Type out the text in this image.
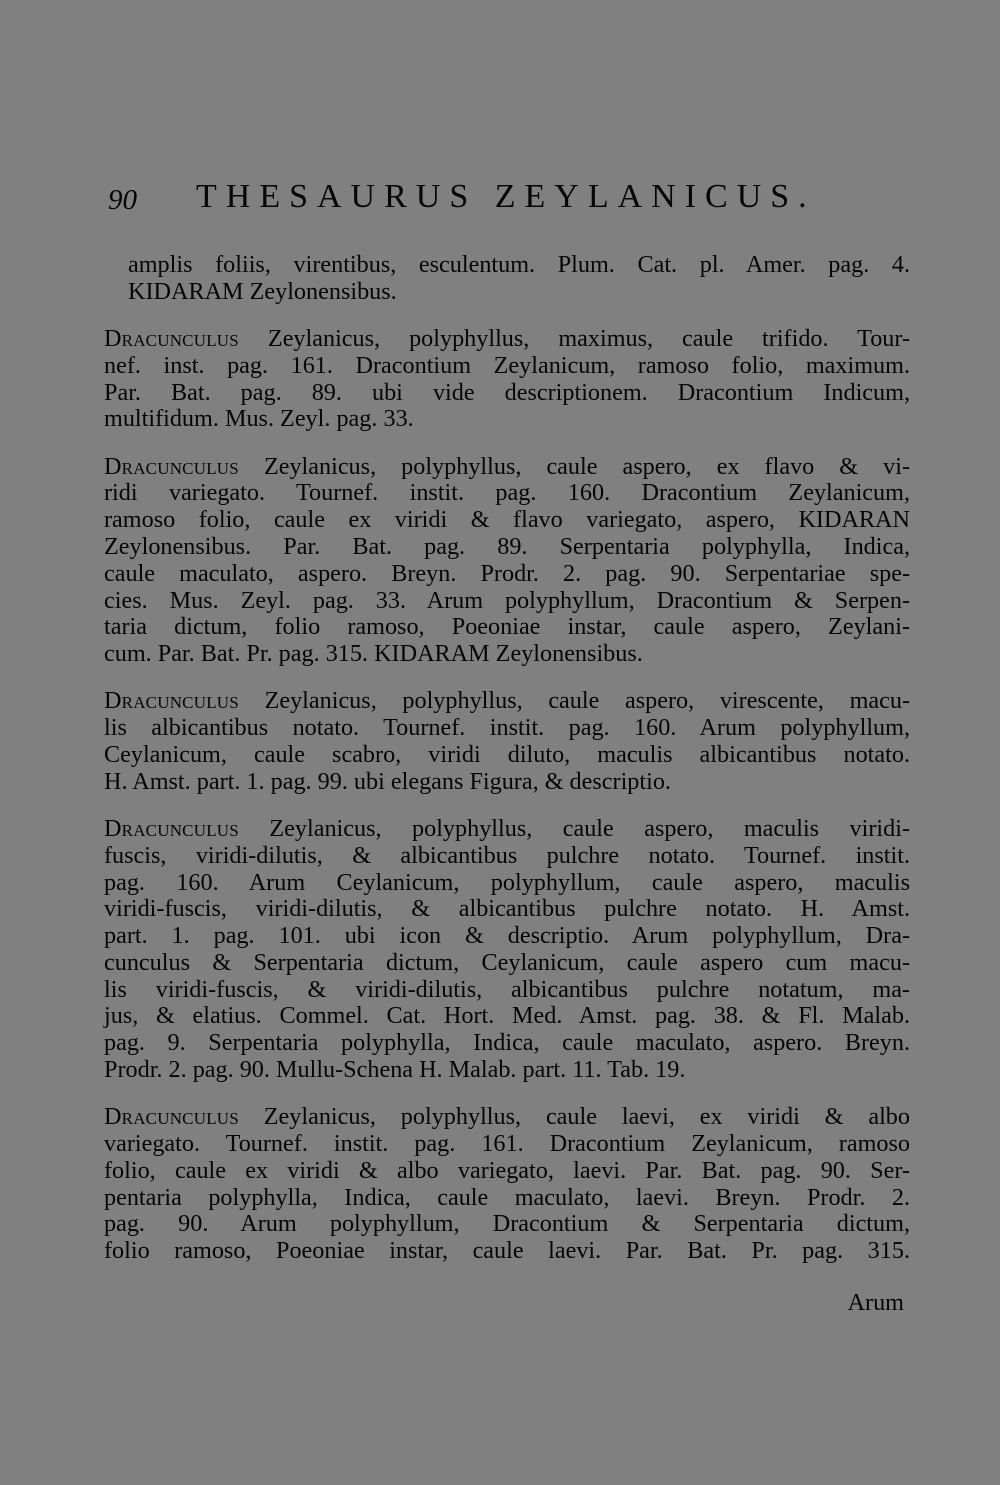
90 THESAURUS ZEYLANICUS.

amplis foliis, virentibus, esculentum. Plum. Cat. pl. Amer. pag. 4.
KIDARAM Zeylonensibus.

Dracunculus Zeylanicus, polyphyllus, maximus, caule trifido. Tour-
nef. inst. pag. 161. Dracontium Zeylanicum, ramoso folio, maximum.
Par. Bat. pag. 89. ubi vide descriptionem. Dracontium Indicum,
multifidum. Mus. Zeyl. pag. 33.

Dracunculus Zeylanicus, polyphyllus, caule aspero, ex flavo & vi-
ridi variegato. Tournef. instit. pag. 160. Dracontium Zeylanicum,
ramoso folio, caule ex viridi & flavo variegato, aspero, KIDARAN
Zeylonensibus. Par. Bat. pag. 89. Serpentaria polyphylla, Indica,
caule maculato, aspero. Breyn. Prodr. 2. pag. 90. Serpentariae spe-
cies. Mus. Zeyl. pag. 33. Arum polyphyllum, Dracontium & Serpen-
taria dictum, folio ramoso, Poeoniae instar, caule aspero, Zeylani-
cum. Par. Bat. Pr. pag. 315. KIDARAM Zeylonensibus.

Dracunculus Zeylanicus, polyphyllus, caule aspero, virescente, macu-
lis albicantibus notato. Tournef. instit. pag. 160. Arum polyphyllum,
Ceylanicum, caule scabro, viridi diluto, maculis albicantibus notato.
H. Amst. part. 1. pag. 99. ubi elegans Figura, & descriptio.

Dracunculus Zeylanicus, polyphyllus, caule aspero, maculis viridi-
fuscis, viridi-dilutis, & albicantibus pulchre notato. Tournef. instit.
pag. 160. Arum Ceylanicum, polyphyllum, caule aspero, maculis
viridi-fuscis, viridi-dilutis, & albicantibus pulchre notato. H. Amst.
part. 1. pag. 101. ubi icon & descriptio. Arum polyphyllum, Dra-
cunculus & Serpentaria dictum, Ceylanicum, caule aspero cum macu-
lis viridi-fuscis, & viridi-dilutis, albicantibus pulchre notatum, ma-
jus, & elatius. Commel. Cat. Hort. Med. Amst. pag. 38. & Fl. Malab.
pag. 9. Serpentaria polyphylla, Indica, caule maculato, aspero. Breyn.
Prodr. 2. pag. 90. Mullu-Schena H. Malab. part. 11. Tab. 19.

Dracunculus Zeylanicus, polyphyllus, caule laevi, ex viridi & albo
variegato. Tournef. instit. pag. 161. Dracontium Zeylanicum, ramoso
folio, caule ex viridi & albo variegato, laevi. Par. Bat. pag. 90. Ser-
pentaria polyphylla, Indica, caule maculato, laevi. Breyn. Prodr. 2.
pag. 90. Arum polyphyllum, Dracontium & Serpentaria dictum,
folio ramoso, Poeoniae instar, caule laevi. Par. Bat. Pr. pag. 315.

Arum
